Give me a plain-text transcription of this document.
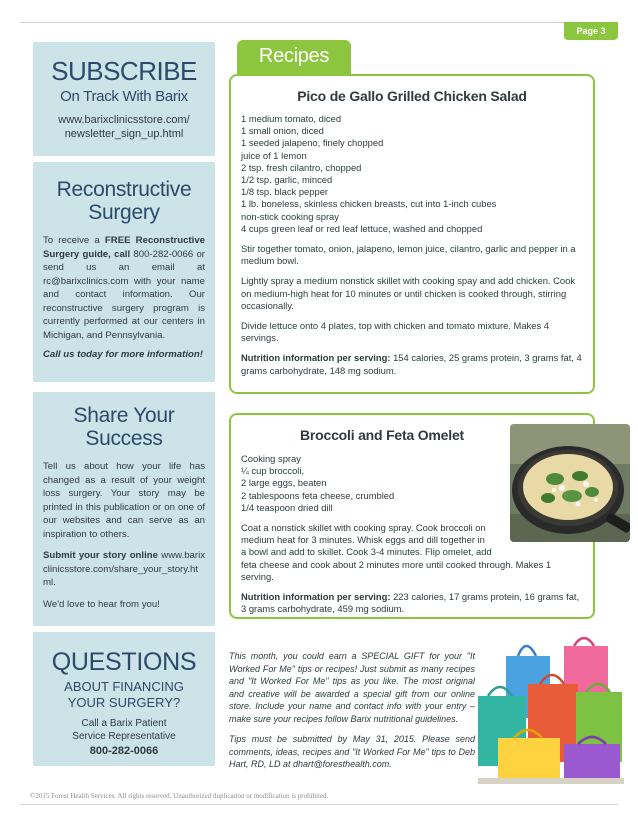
Page 3
SUBSCRIBE
On Track With Barix
www.barixclinicsstore.com/
newsletter_sign_up.html
Reconstructive
Surgery

To receive a FREE Reconstructive Surgery guide, call 800-282-0066 or send us an email at rc@barixclinics.com with your name and contact information. Our reconstructive surgery program is currently performed at our centers in Michigan, and Pennsylvania.

Call us today for more information!

Share Your
Success

Tell us about how your life has changed as a result of your weight loss surgery. Your story may be printed in this publication or on one of our websites and can serve as an inspiration to others.

Submit your story online www.barixclinicsstore.com/share_your_story.html.

We'd love to hear from you!

QUESTIONS
ABOUT FINANCING
YOUR SURGERY?
Call a Barix Patient
Service Representative
800-282-0066
Recipes
Pico de Gallo Grilled Chicken Salad
1 medium tomato, diced
1 small onion, diced
1 seeded jalapeno, finely chopped
juice of 1 lemon
2 tsp. fresh cilantro, chopped
1/2 tsp. garlic, minced
1/8 tsp. black pepper
1 lb. boneless, skinless chicken breasts, cut into 1-inch cubes
non-stick cooking spray
4 cups green leaf or red leaf lettuce, washed and chopped

Stir together tomato, onion, jalapeno, lemon juice, cilantro, garlic and pepper in a medium bowl.

Lightly spray a medium nonstick skillet with cooking spay and add chicken. Cook on medium-high heat for 10 minutes or until chicken is cooked through, stirring occasionally.

Divide lettuce onto 4 plates, top with chicken and tomato mixture. Makes 4 servings.

Nutrition information per serving: 154 calories, 25 grams protein, 3 grams fat, 4 grams carbohydrate, 148 mg sodium.

Broccoli and Feta Omelet
Cooking spray
¼ cup broccoli,
2 large eggs, beaten
2 tablespoons feta cheese, crumbled
1/4 teaspoon dried dill

Coat a nonstick skillet with cooking spray. Cook broccoli on
medium heat for 3 minutes. Whisk eggs and dill together in
a bowl and add to skillet. Cook 3-4 minutes. Flip omelet, add
feta cheese and cook about 2 minutes more until cooked through. Makes 1 serving.

Nutrition information per serving: 223 calories, 17 grams protein, 16 grams fat, 3 grams carbohydrate, 459 mg sodium.

This month, you could earn a SPECIAL GIFT for your "It Worked For Me" tips or recipes! Just submit as many recipes and "It Worked For Me" tips as you like. The most original and creative will be awarded a special gift from our online store. Include your name and contact info with your entry – make sure your recipes follow Barix nutritional guidelines.

Tips must be submitted by May 31, 2015. Please send comments, ideas, recipes and "It Worked For Me" tips to Deb Hart, RD, LD at dhart@foresthealth.com.

©2015 Forest Health Services. All rights reserved. Unauthorized duplication or modification is prohibited.
